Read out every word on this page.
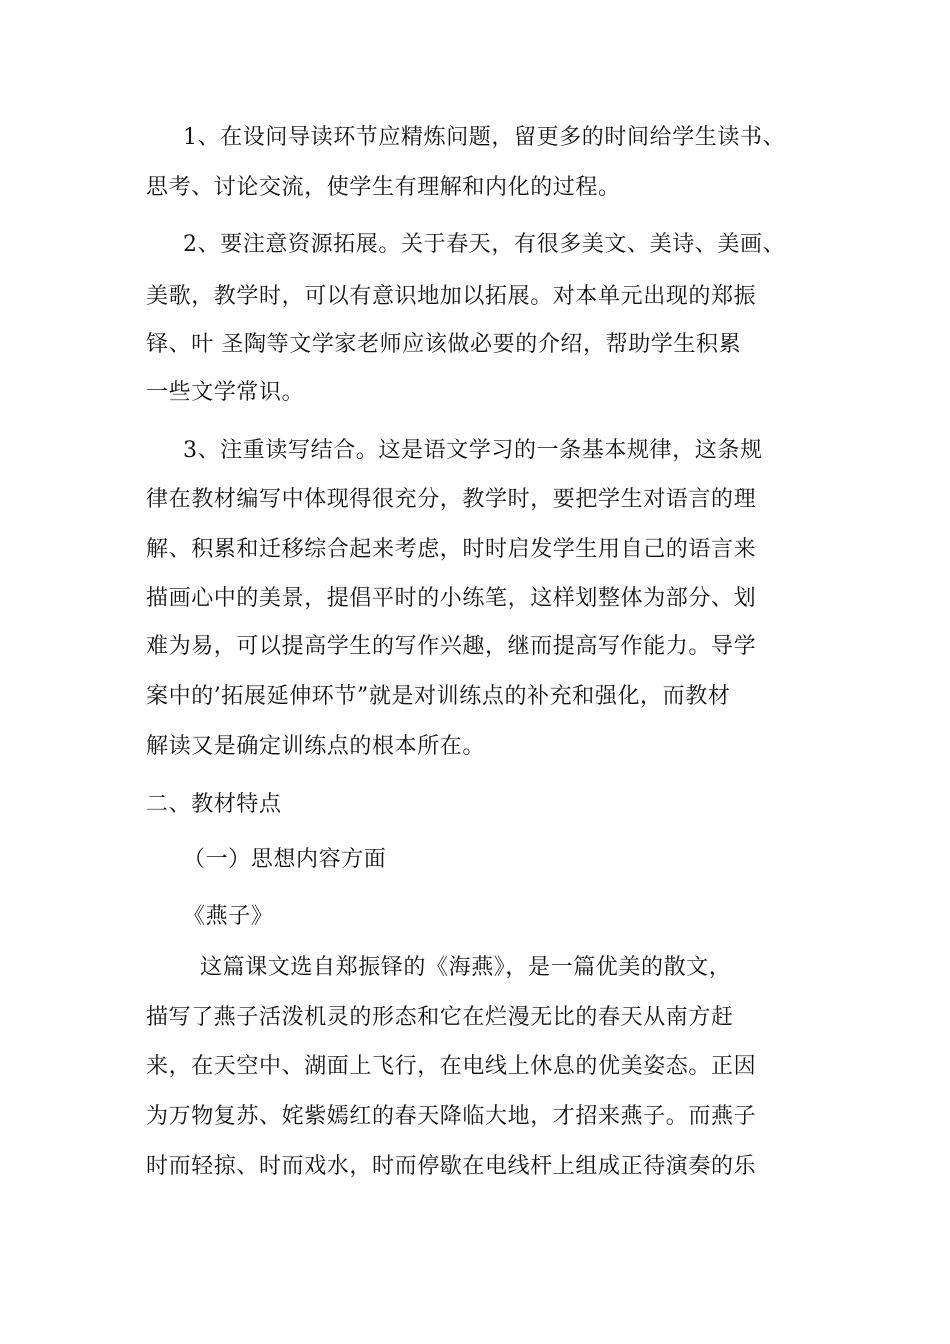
1、在设问导读环节应精炼问题，留更多的时间给学生读书、
思考、讨论交流，使学生有理解和内化的过程。
2、要注意资源拓展。关于春天，有很多美文、美诗、美画、
美歌，教学时，可以有意识地加以拓展。对本单元出现的郑振
铎、叶 圣陶等文学家老师应该做必要的介绍，帮助学生积累
一些文学常识。
3、注重读写结合。这是语文学习的一条基本规律，这条规
律在教材编写中体现得很充分，教学时，要把学生对语言的理
解、积累和迁移综合起来考虑，时时启发学生用自己的语言来
描画心中的美景，提倡平时的小练笔，这样划整体为部分、划
难为易，可以提高学生的写作兴趣，继而提高写作能力。导学
案中的’拓展延伸环节”就是对训练点的补充和强化，而教材
解读又是确定训练点的根本所在。
二、教材特点
（一）思想内容方面
《燕子》
这篇课文选自郑振铎的《海燕》，是一篇优美的散文，
描写了燕子活泼机灵的形态和它在烂漫无比的春天从南方赶
来，在天空中、湖面上飞行，在电线上休息的优美姿态。正因
为万物复苏、姹紫嫣红的春天降临大地，才招来燕子。而燕子
时而轻掠、时而戏水，时而停歇在电线杆上组成正待演奏的乐
